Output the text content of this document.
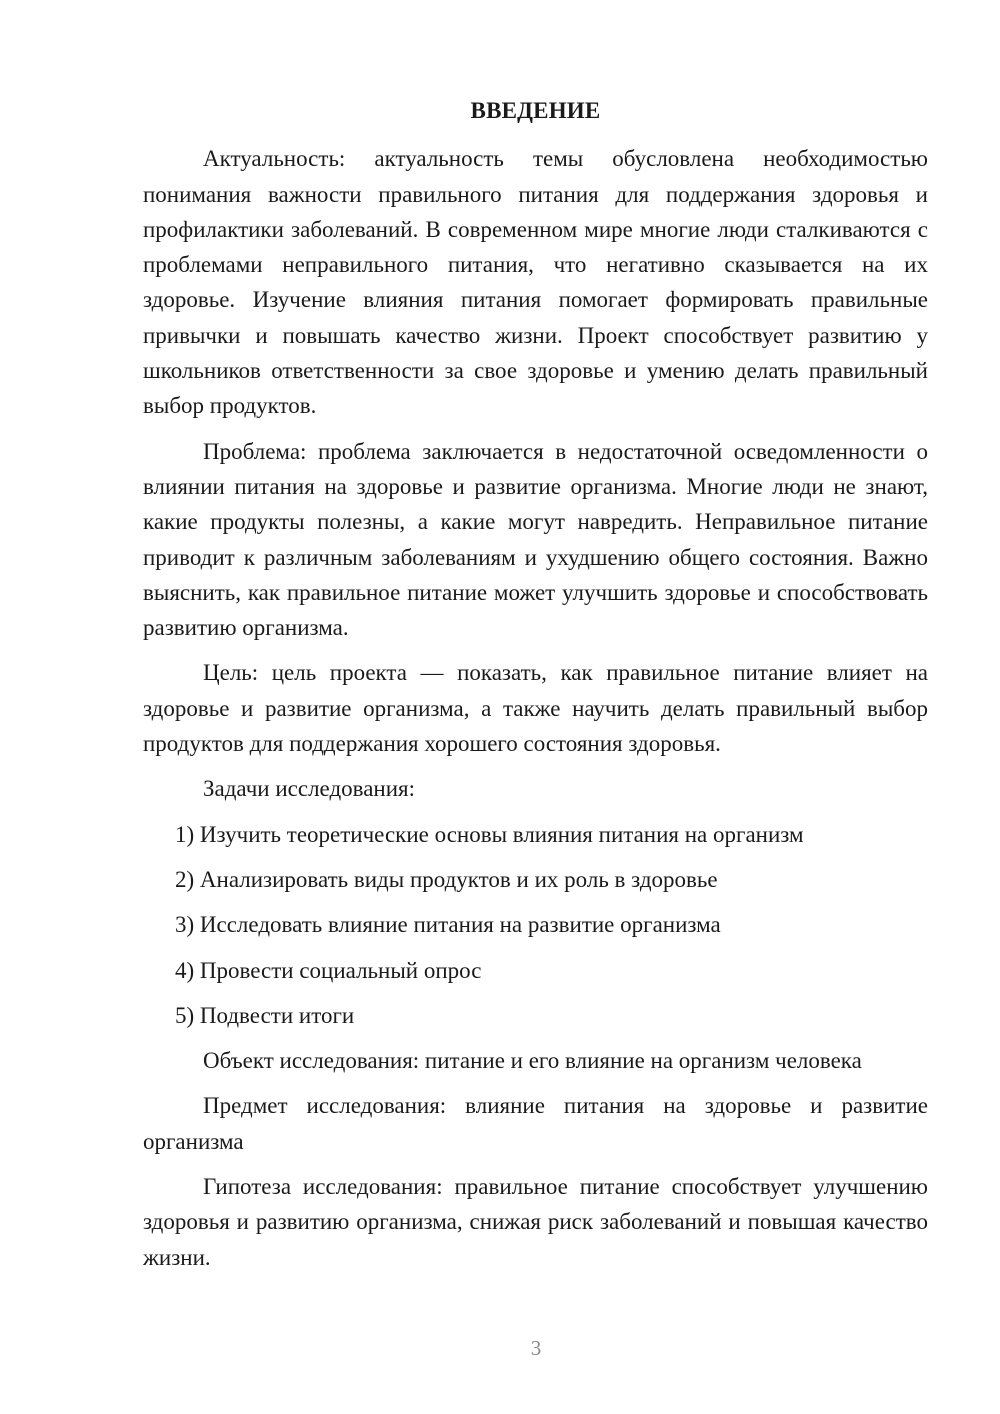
ВВЕДЕНИЕ

Актуальность: актуальность темы обусловлена необходимостью понимания важности правильного питания для поддержания здоровья и профилактики заболеваний. В современном мире многие люди сталкиваются с проблемами неправильного питания, что негативно сказывается на их здоровье. Изучение влияния питания помогает формировать правильные привычки и повышать качество жизни. Проект способствует развитию у школьников ответственности за свое здоровье и умению делать правильный выбор продуктов.

Проблема: проблема заключается в недостаточной осведомленности о влиянии питания на здоровье и развитие организма. Многие люди не знают, какие продукты полезны, а какие могут навредить. Неправильное питание приводит к различным заболеваниям и ухудшению общего состояния. Важно выяснить, как правильное питание может улучшить здоровье и способствовать развитию организма.

Цель: цель проекта — показать, как правильное питание влияет на здоровье и развитие организма, а также научить делать правильный выбор продуктов для поддержания хорошего состояния здоровья.

Задачи исследования:

1) Изучить теоретические основы влияния питания на организм
2) Анализировать виды продуктов и их роль в здоровье
3) Исследовать влияние питания на развитие организма
4) Провести социальный опрос
5) Подвести итоги

Объект исследования: питание и его влияние на организм человека

Предмет исследования: влияние питания на здоровье и развитие организма

Гипотеза исследования: правильное питание способствует улучшению здоровья и развитию организма, снижая риск заболеваний и повышая качество жизни.

3
